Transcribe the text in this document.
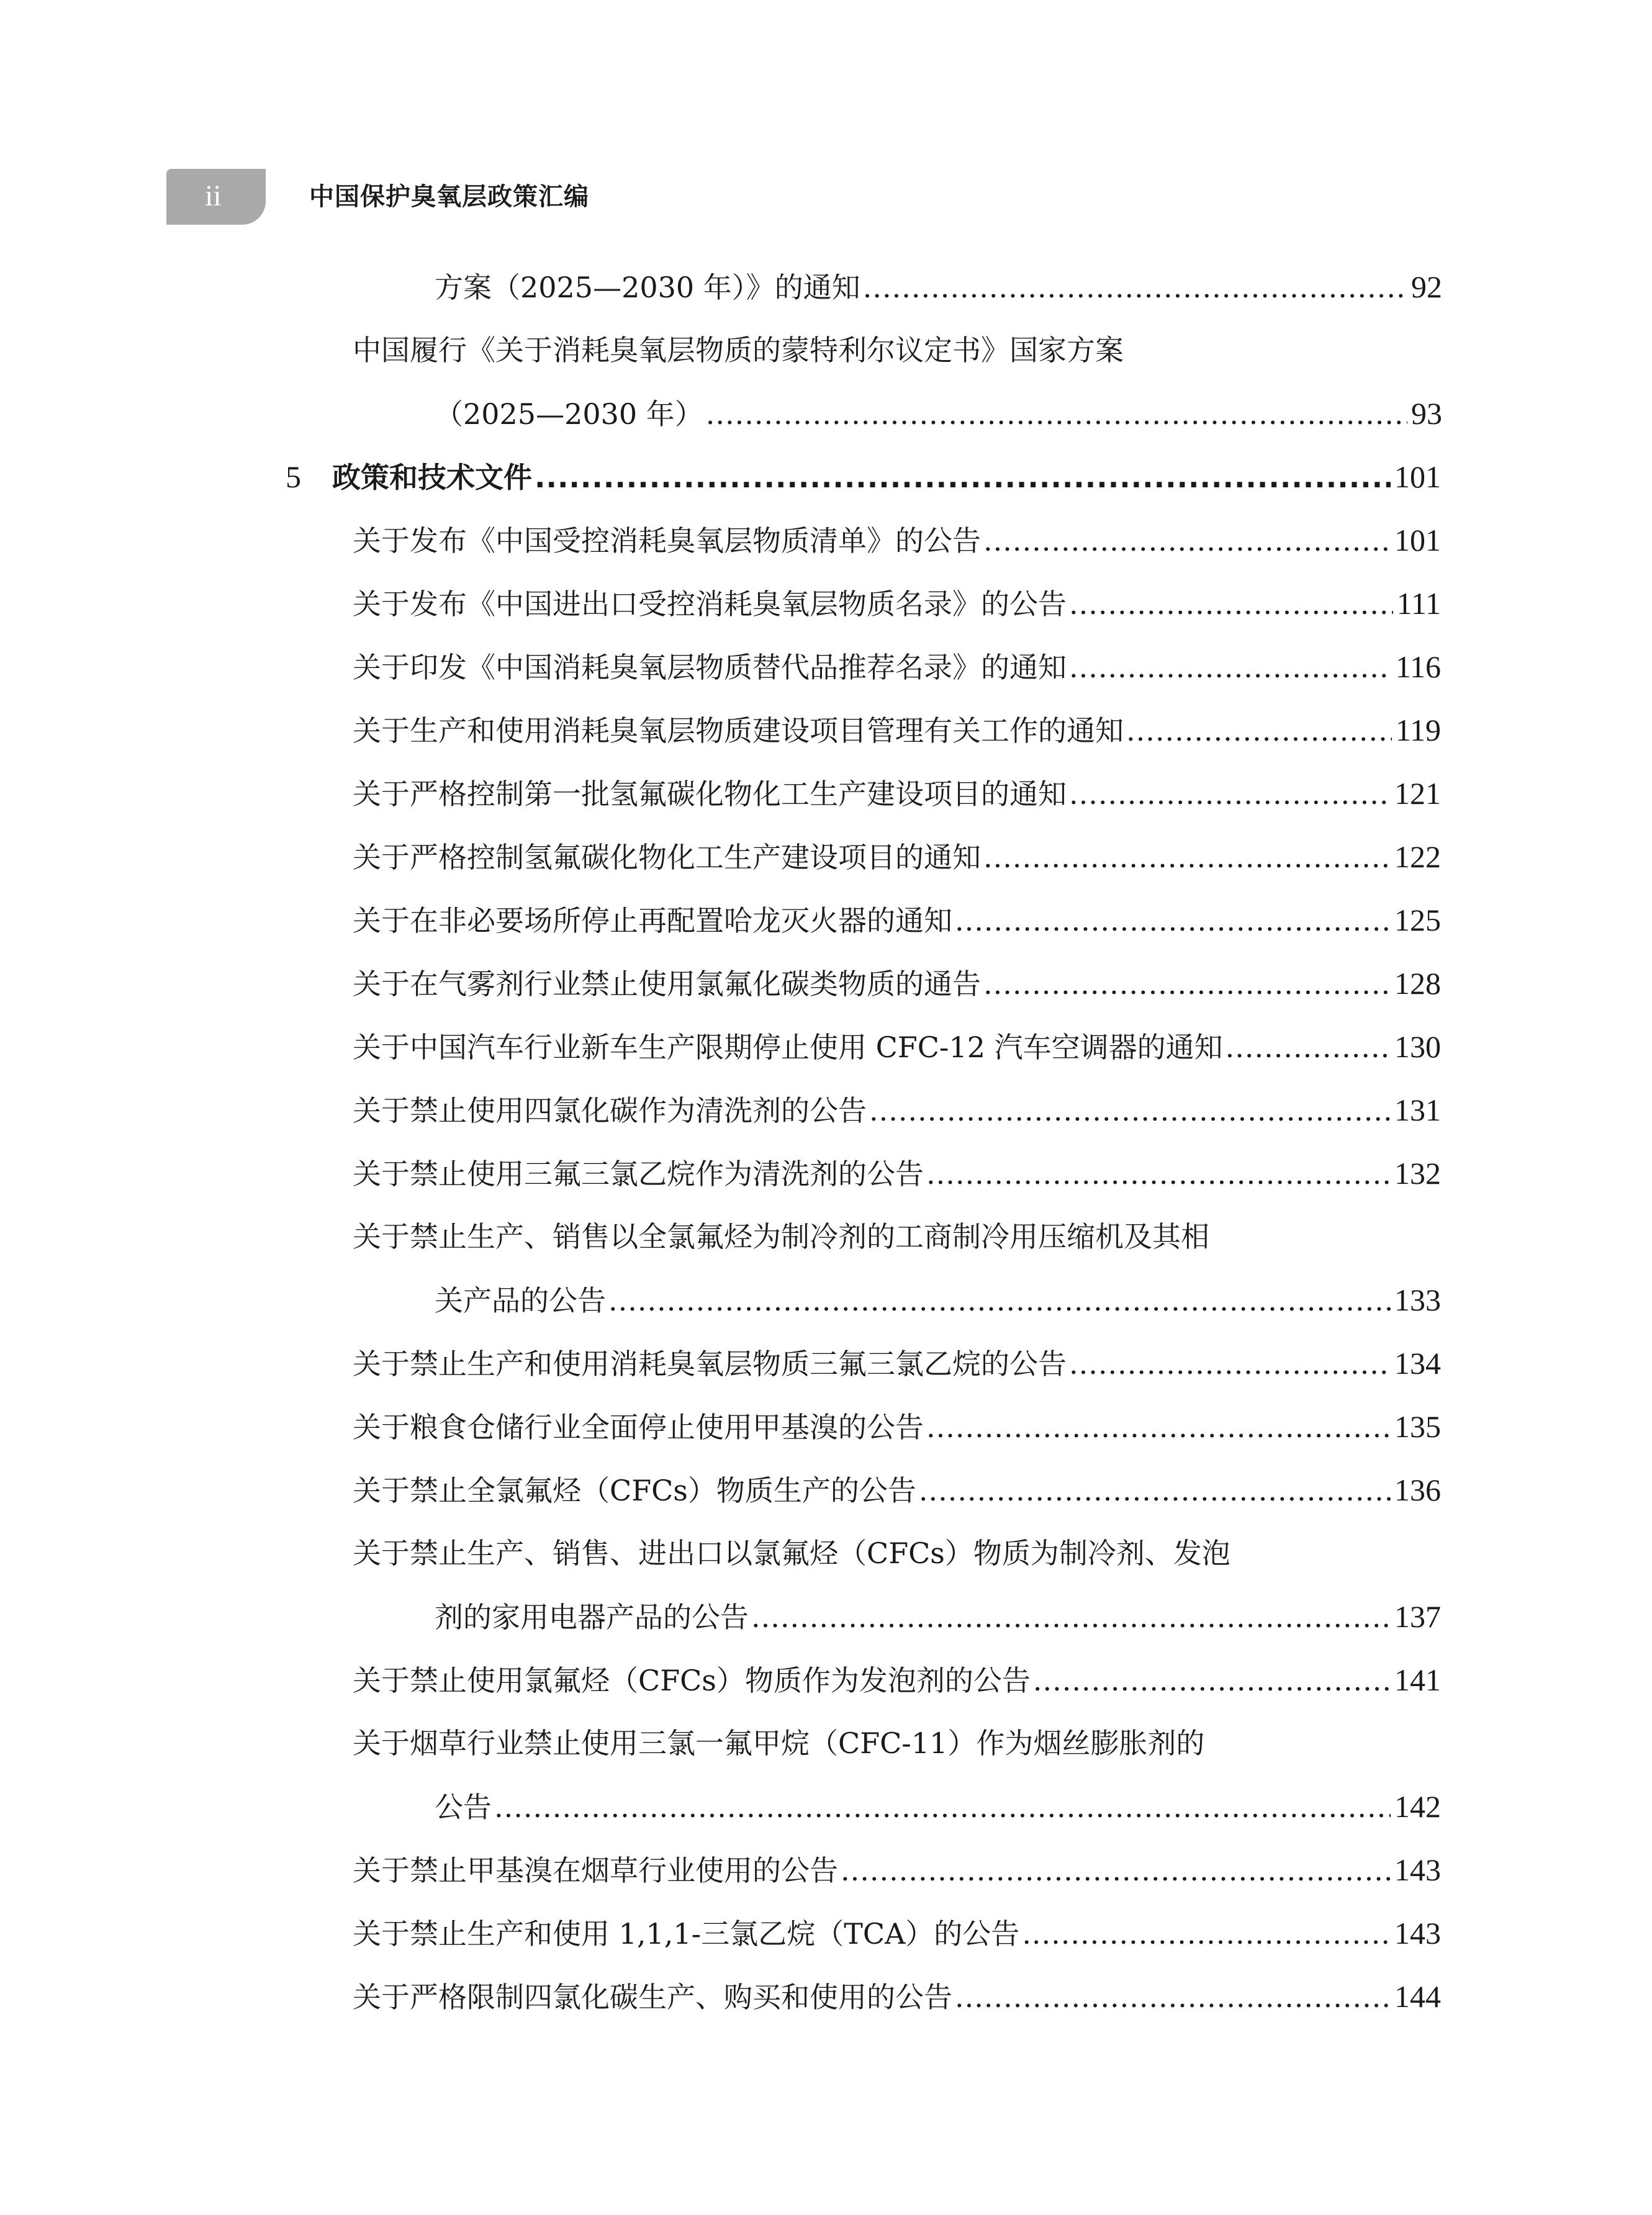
ii	中国保护臭氧层政策汇编
方案（2025—2030 年）》的通知 .....	92
中国履行《关于消耗臭氧层物质的蒙特利尔议定书》国家方案
（2025—2030 年） .....	93
5 政策和技术文件 .....	101
关于发布《中国受控消耗臭氧层物质清单》的公告 .....	101
关于发布《中国进出口受控消耗臭氧层物质名录》的公告 .....	111
关于印发《中国消耗臭氧层物质替代品推荐名录》的通知 .....	116
关于生产和使用消耗臭氧层物质建设项目管理有关工作的通知 .....	119
关于严格控制第一批氢氟碳化物化工生产建设项目的通知 .....	121
关于严格控制氢氟碳化物化工生产建设项目的通知 .....	122
关于在非必要场所停止再配置哈龙灭火器的通知 .....	125
关于在气雾剂行业禁止使用氯氟化碳类物质的通告 .....	128
关于中国汽车行业新车生产限期停止使用 CFC-12 汽车空调器的通知 .....	130
关于禁止使用四氯化碳作为清洗剂的公告 .....	131
关于禁止使用三氟三氯乙烷作为清洗剂的公告 .....	132
关于禁止生产、销售以全氯氟烃为制冷剂的工商制冷用压缩机及其相
关产品的公告 .....	133
关于禁止生产和使用消耗臭氧层物质三氟三氯乙烷的公告 .....	134
关于粮食仓储行业全面停止使用甲基溴的公告 .....	135
关于禁止全氯氟烃（CFCs）物质生产的公告 .....	136
关于禁止生产、销售、进出口以氯氟烃（CFCs）物质为制冷剂、发泡
剂的家用电器产品的公告 .....	137
关于禁止使用氯氟烃（CFCs）物质作为发泡剂的公告 .....	141
关于烟草行业禁止使用三氯一氟甲烷（CFC-11）作为烟丝膨胀剂的
公告 .....	142
关于禁止甲基溴在烟草行业使用的公告 .....	143
关于禁止生产和使用 1,1,1-三氯乙烷（TCA）的公告 .....	143
关于严格限制四氯化碳生产、购买和使用的公告 .....	144
